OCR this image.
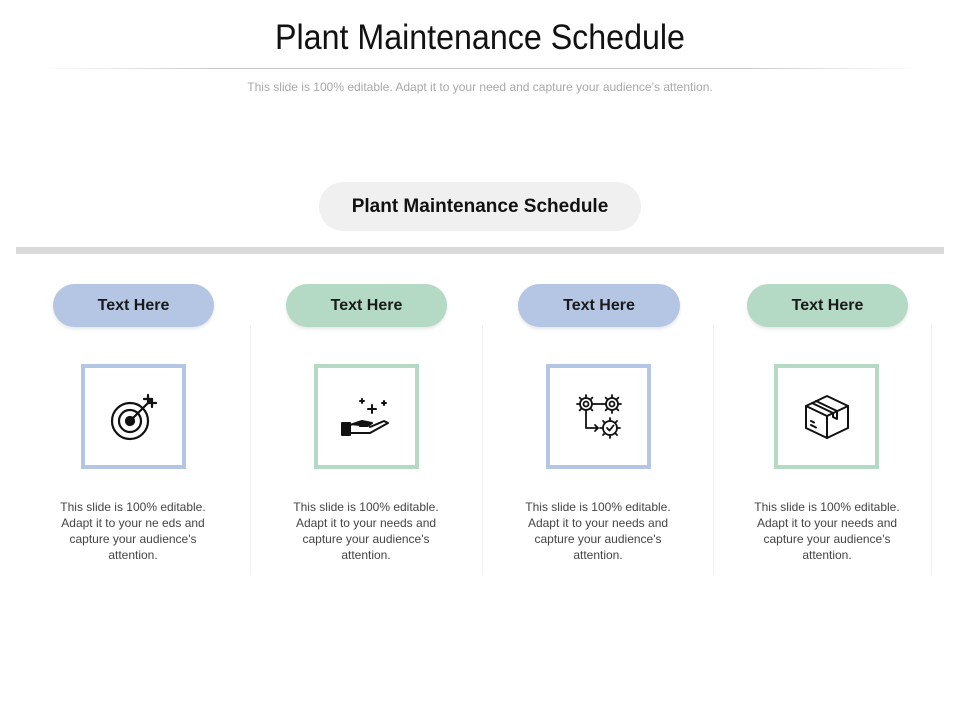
Plant Maintenance Schedule
This slide is 100% editable. Adapt it to your need and capture your audience’s attention.
Plant Maintenance Schedule
Text Here
This slide is 100% editable. Adapt it to your ne eds and capture your audience's attention.
Text Here
This slide is 100% editable. Adapt it to your needs and capture your audience's attention.
Text Here
This slide is 100% editable. Adapt it to your needs and capture your audience's attention.
Text Here
This slide is 100% editable. Adapt it to your needs and capture your audience's attention.
